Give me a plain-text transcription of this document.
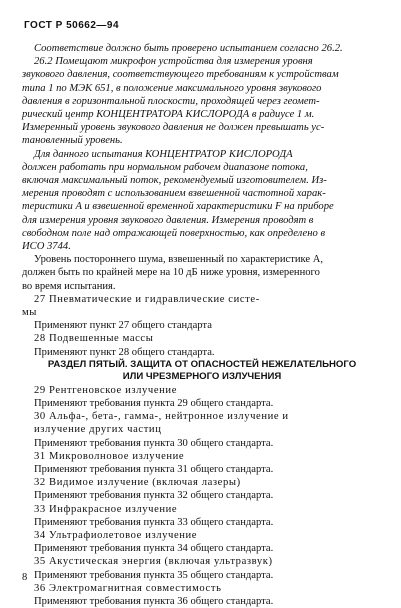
ГОСТ Р 50662—94

Соответствие должно быть проверено испытанием согласно 26.2.

26.2 Помещают микрофон устройства для измерения уровня

звукового давления, соответствующего требованиям к устройствам

типа 1 по МЭК 651, в положение максимального уровня звукового

давления в горизонтальной плоскости, проходящей через геомет-

рический центр КОНЦЕНТРАТОРА КИСЛОРОДА в радиусе 1 м.

Измеренный уровень звукового давления не должен превышать ус-

тановленный уровень.

Для данного испытания КОНЦЕНТРАТОР КИСЛОРОДА

должен работать при нормальном рабочем диапазоне потока,

включая максимальный поток, рекомендуемый изготовителем. Из-

мерения проводят с использованием взвешенной частотной харак-

теристики A и взвешенной временной характеристики F на приборе

для измерения уровня звукового давления. Измерения проводят в

свободном поле над отражающей поверхностью, как определено в

ИСО 3744.

Уровень постороннего шума, взвешенный по характеристике A,

должен быть по крайней мере на 10 дБ ниже уровня, измеренного

во время испытания.

27 Пневматические и гидравлические систе-

мы

Применяют пункт 27 общего стандарта

28 Подвешенные массы

Применяют пункт 28 общего стандарта.

РАЗДЕЛ ПЯТЫЙ. ЗАЩИТА ОТ ОПАСНОСТЕЙ НЕЖЕЛАТЕЛЬНОГО

ИЛИ ЧРЕЗМЕРНОГО ИЗЛУЧЕНИЯ

29 Рентгеновское излучение

Применяют требования пункта 29 общего стандарта.

30 Альфа-, бета-, гамма-, нейтронное излучение и

излучение других частиц

Применяют требования пункта 30 общего стандарта.

31 Микроволновое излучение

Применяют требования пункта 31 общего стандарта.

32 Видимое излучение (включая лазеры)

Применяют требования пункта 32 общего стандарта.

33 Инфракрасное излучение

Применяют требования пункта 33 общего стандарта.

34 Ультрафиолетовое излучение

Применяют требования пункта 34 общего стандарта.

35 Акустическая энергия (включая ультразвук)

Применяют требования пункта 35 общего стандарта.

36 Электромагнитная совместимость

Применяют требования пункта 36 общего стандарта.

8
